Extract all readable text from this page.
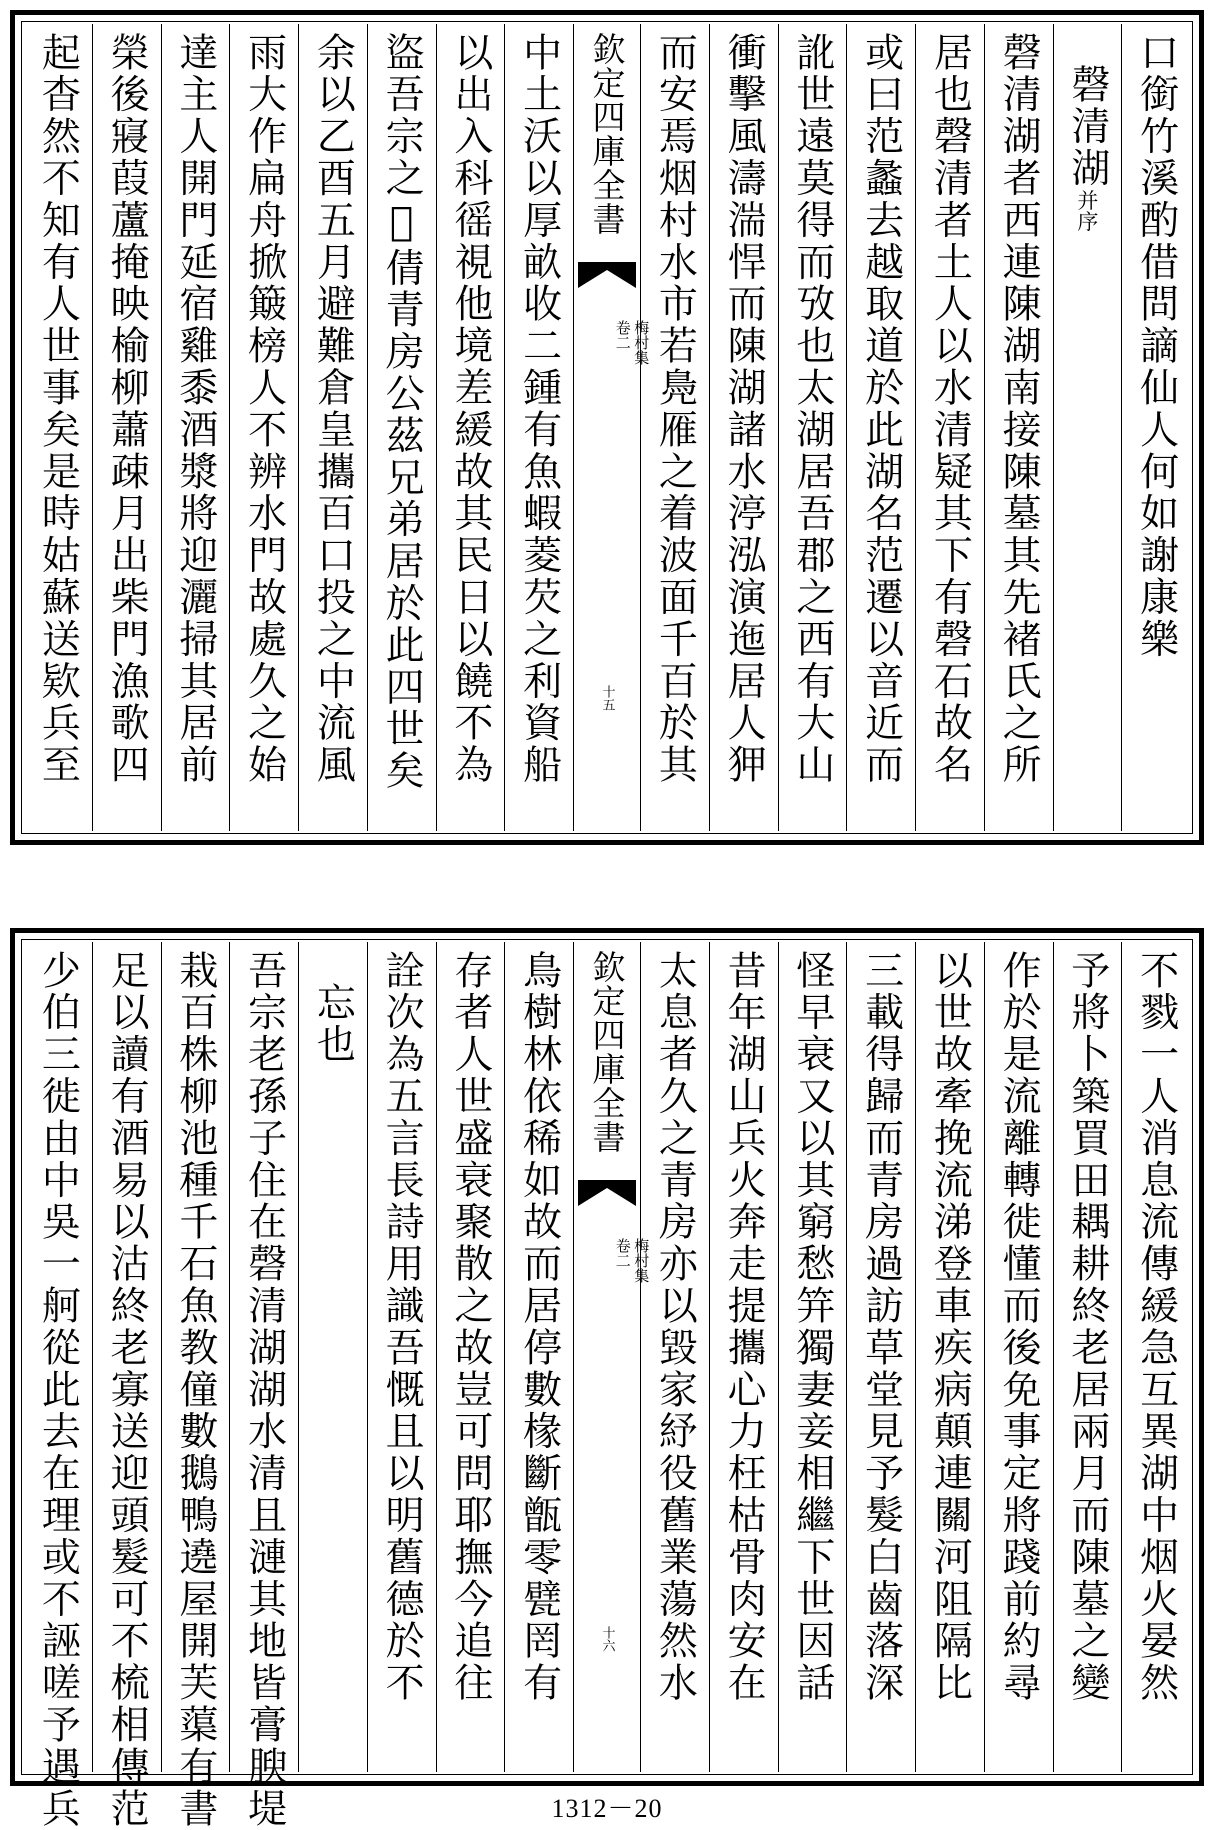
口銜竹溪酌借問謫仙人何如謝康樂
磬清湖并序
磬清湖者西連陳湖南接陳墓其先褚氏之所
居也磬清者土人以水清疑其下有磬石故名
或曰范蠡去越取道於此湖名范遷以音近而
訛世遠莫得而攷也太湖居吾郡之西有大山
衝擊風濤湍悍而陳湖諸水渟泓演迤居人狎
而安焉烟村水市若鳧雁之着波面千百於其
欽定四庫全書
梅村集
卷二
十五
中土沃以厚畝收二鍾有魚蝦菱芡之利資船
以出入科徭視他境差緩故其民日以饒不為
盜吾宗之𧼈倩青房公茲兄弟居於此四世矣
余以乙酉五月避難倉皇攜百口投之中流風
雨大作扁舟掀簸榜人不辨水門故處久之始
達主人開門延宿雞黍酒漿將迎灑掃其居前
榮後寢葭蘆掩映榆柳蕭疎月出柴門漁歌四
起杳然不知有人世事矣是時姑蘇送欵兵至
不戮一人消息流傳緩急互異湖中烟火晏然
予將卜築買田耦耕終老居兩月而陳墓之變
作於是流離轉徙懂而後免事定將踐前約尋
以世故牽挽流涕登車疾病顛連關河阻隔比
三載得歸而青房過訪草堂見予髮白齒落深
怪早衰又以其窮愁笄獨妻妾相繼下世因話
昔年湖山兵火奔走提攜心力枉枯骨肉安在
太息者久之青房亦以毀家紓役舊業蕩然水
欽定四庫全書
梅村集
卷二
十六
鳥樹林依稀如故而居停數椽斷甑零甓罔有
存者人世盛衰聚散之故豈可問耶撫今追往
詮次為五言長詩用識吾慨且以明舊德於不
忘也
吾宗老孫子住在磬清湖湖水清且漣其地皆膏腴堤
栽百株柳池種千石魚教僮數鵝鴨遶屋開芙蕖有書
足以讀有酒易以沽終老寡送迎頭髮可不梳相傳范
少伯三徙由中吳一舸從此去在理或不誣嗟予遇兵	1312－20
